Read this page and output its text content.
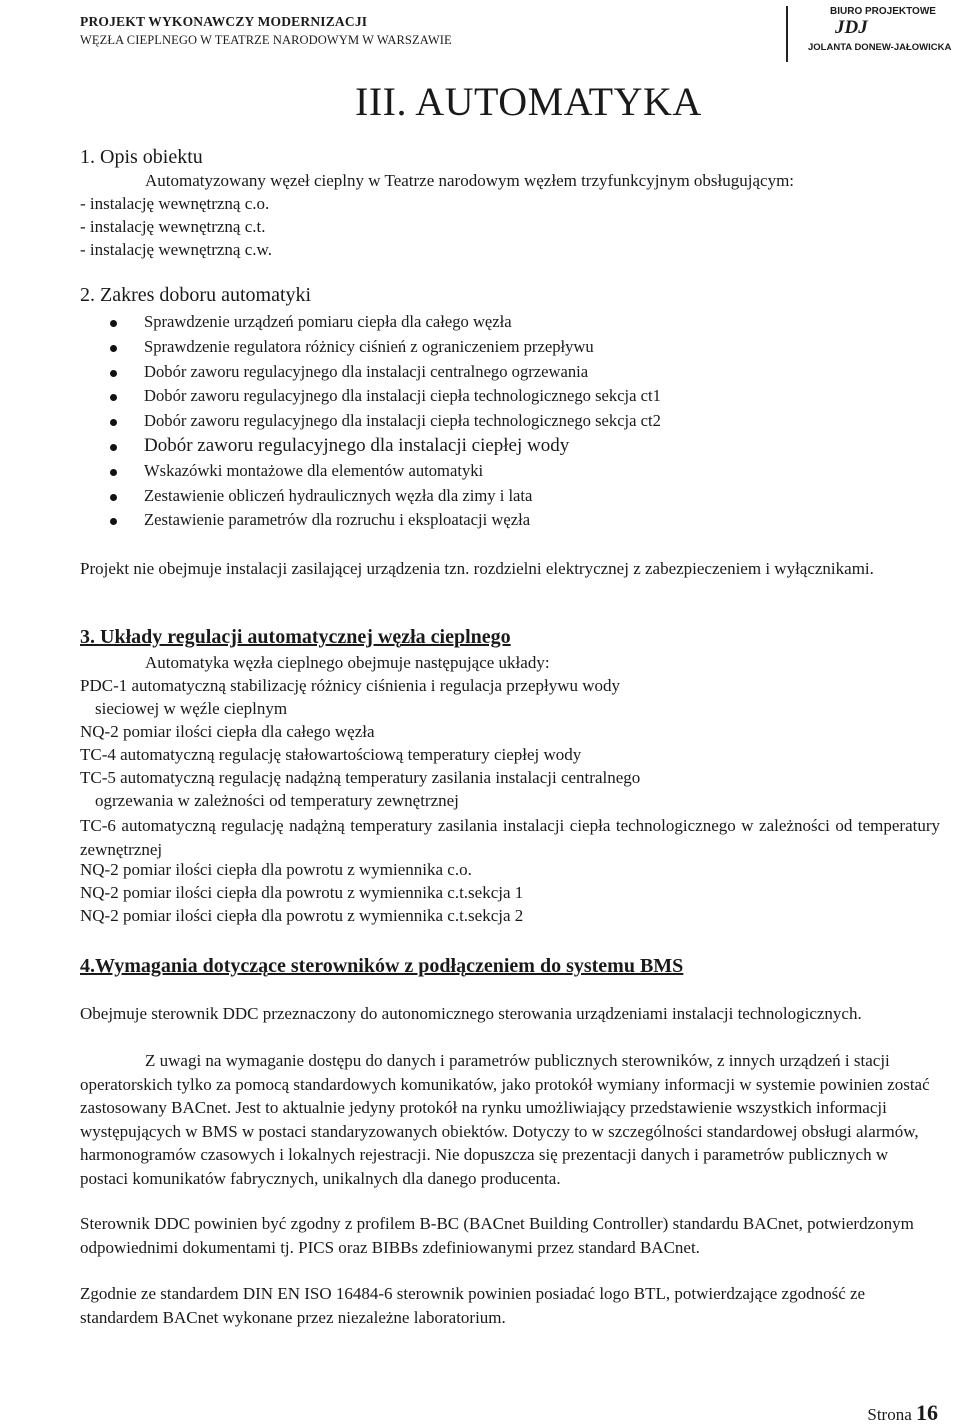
PROJEKT WYKONAWCZY MODERNIZACJI
WĘZŁA CIEPLNEGO W TEATRZE NARODOWYM W WARSZAWIE
BIURO PROJEKTOWE
JDJ
JOLANTA DONEW-JAŁOWICKA
III. AUTOMATYKA
1. Opis obiektu
Automatyzowany węzeł cieplny w Teatrze narodowym węzłem trzyfunkcyjnym obsługującym:
- instalację wewnętrzną c.o.
- instalację wewnętrzną c.t.
- instalację wewnętrzną c.w.
2. Zakres doboru automatyki
Sprawdzenie urządzeń pomiaru ciepła dla całego węzła
Sprawdzenie regulatora różnicy ciśnień z ograniczeniem przepływu
Dobór zaworu regulacyjnego dla instalacji centralnego ogrzewania
Dobór zaworu regulacyjnego dla instalacji ciepła technologicznego sekcja ct1
Dobór zaworu regulacyjnego dla instalacji ciepła technologicznego sekcja ct2
Dobór zaworu regulacyjnego dla instalacji ciepłej wody
Wskazówki montażowe dla elementów automatyki
Zestawienie obliczeń hydraulicznych węzła dla zimy i lata
Zestawienie parametrów dla rozruchu i eksploatacji węzła

Projekt nie obejmuje instalacji zasilającej urządzenia tzn. rozdzielni elektrycznej z zabezpieczeniem i wyłącznikami.

3. Układy regulacji automatycznej węzła cieplnego
Automatyka węzła cieplnego obejmuje następujące układy:
PDC-1 automatyczną stabilizację różnicy ciśnienia i regulacja przepływu wody
sieciowej w węźle cieplnym
NQ-2 pomiar ilości ciepła dla całego węzła
TC-4 automatyczną regulację stałowartościową temperatury ciepłej wody
TC-5 automatyczną regulację nadążną temperatury zasilania instalacji centralnego
ogrzewania w zależności od temperatury zewnętrznej

TC-6 automatyczną regulację nadążną temperatury zasilania instalacji ciepła technologicznego w zależności od temperatury zewnętrznej

NQ-2 pomiar ilości ciepła dla powrotu z wymiennika c.o.
NQ-2 pomiar ilości ciepła dla powrotu z wymiennika c.t.sekcja 1
NQ-2 pomiar ilości ciepła dla powrotu z wymiennika c.t.sekcja 2
4.Wymagania dotyczące sterowników z podłączeniem do systemu BMS

Obejmuje sterownik DDC przeznaczony do autonomicznego sterowania urządzeniami instalacji technologicznych.

Z uwagi na wymaganie dostępu do danych i parametrów publicznych sterowników, z innych urządzeń i stacji operatorskich tylko za pomocą standardowych komunikatów, jako protokół wymiany informacji w systemie powinien zostać zastosowany BACnet. Jest to aktualnie jedyny protokół na rynku umożliwiający przedstawienie wszystkich informacji występujących w BMS w postaci standaryzowanych obiektów. Dotyczy to w szczególności standardowej obsługi alarmów, harmonogramów czasowych i lokalnych rejestracji. Nie dopuszcza się prezentacji danych i parametrów publicznych w postaci komunikatów fabrycznych, unikalnych dla danego producenta.

Sterownik DDC powinien być zgodny z profilem B-BC (BACnet Building Controller) standardu BACnet, potwierdzonym odpowiednimi dokumentami tj. PICS oraz BIBBs zdefiniowanymi przez standard BACnet.

Zgodnie ze standardem DIN EN ISO 16484-6 sterownik powinien posiadać logo BTL, potwierdzające zgodność ze standardem BACnet wykonane przez niezależne laboratorium.

Strona 16
